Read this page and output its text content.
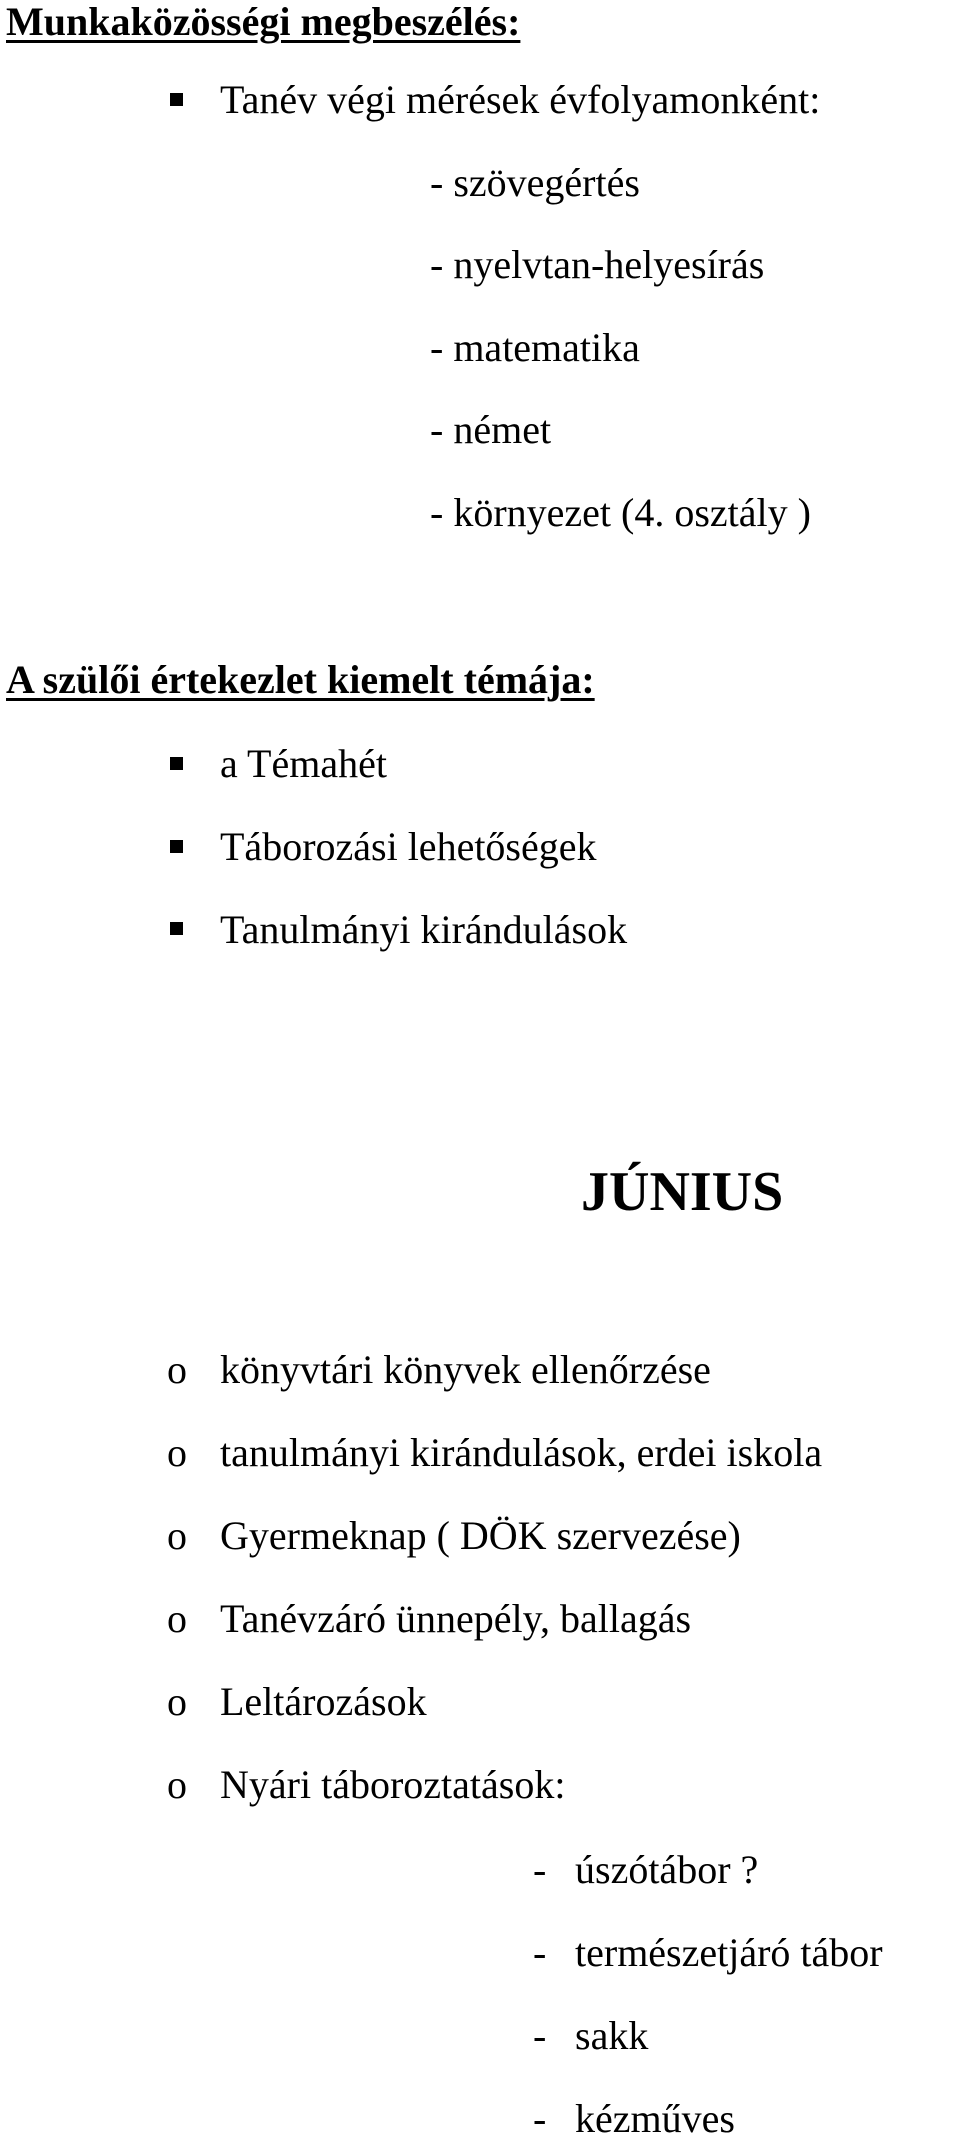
Munkaközösségi megbeszélés:
Tanév végi mérések évfolyamonként:
- szövegértés
- nyelvtan-helyesírás
- matematika
- német
- környezet (4. osztály )
A szülői értekezlet kiemelt témája:
a Témahét
Táborozási lehetőségek
Tanulmányi kirándulások
JÚNIUS
o könyvtári könyvek ellenőrzése
o tanulmányi kirándulások, erdei iskola
o Gyermeknap ( DÖK szervezése)
o Tanévzáró ünnepély, ballagás
o Leltározások
o Nyári táboroztatások:
- úszótábor ?
- természetjáró tábor
- sakk
- kézműves
